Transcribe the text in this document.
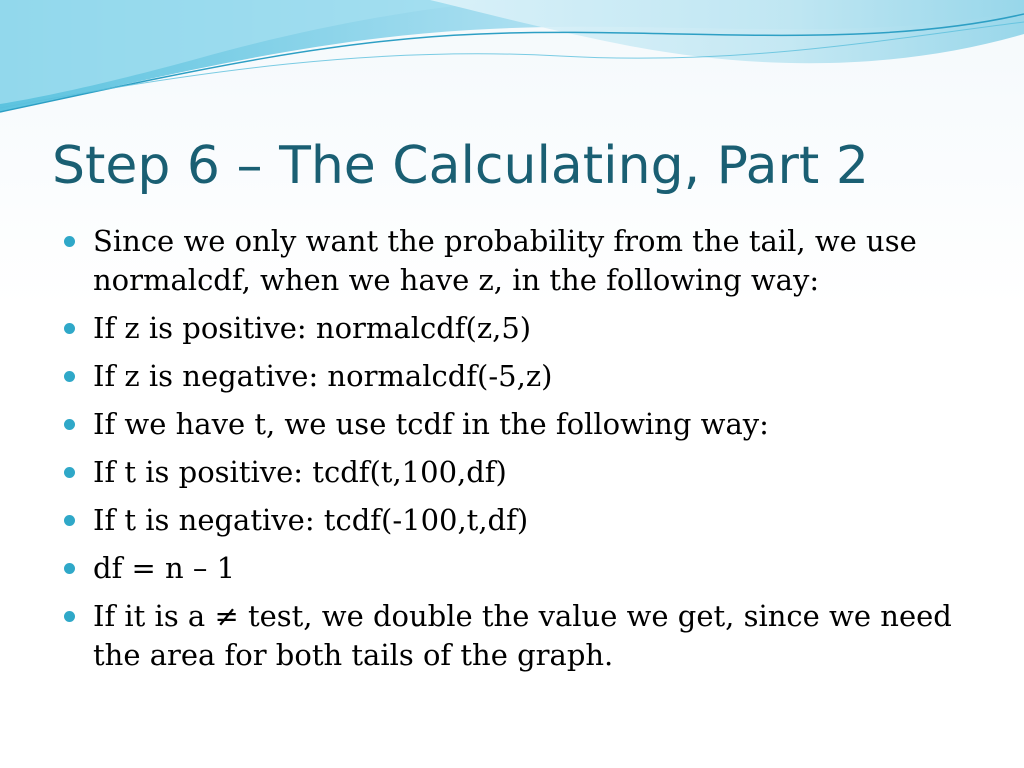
Step 6 – The Calculating, Part 2
Since we only want the probability from the tail, we use normalcdf, when we have z, in the following way:
If z is positive: normalcdf(z,5)
If z is negative: normalcdf(-5,z)
If we have t, we use tcdf in the following way:
If t is positive: tcdf(t,100,df)
If t is negative: tcdf(-100,t,df)
df = n – 1
If it is a ≠ test, we double the value we get, since we need the area for both tails of the graph.
